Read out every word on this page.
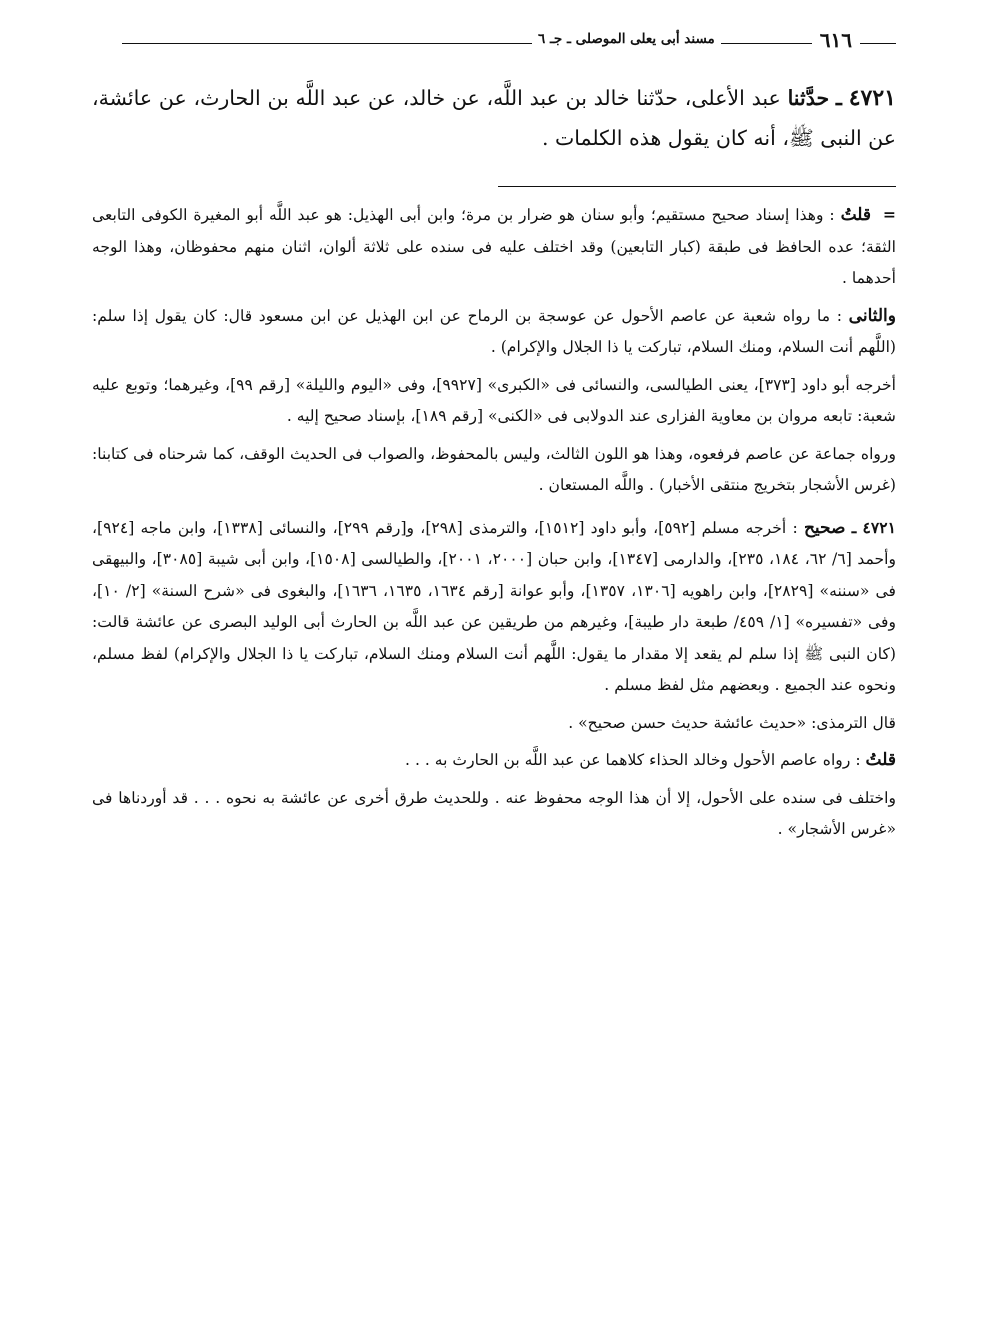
٦١٦
مسند أبى يعلى الموصلى ـ جـ ٦
٤٧٢١ ـ حدَّثنا عبد الأعلى، حدّثنا خالد بن عبد اللَّه، عن خالد، عن عبد اللَّه بن الحارث، عن عائشة، عن النبى ﷺ، أنه كان يقول هذه الكلمات .

= قلتُ : وهذا إسناد صحيح مستقيم؛ وأبو سنان هو ضرار بن مرة؛ وابن أبى الهذيل: هو عبد اللَّه أبو المغيرة الكوفى التابعى الثقة؛ عده الحافظ فى طبقة (كبار التابعين) وقد اختلف عليه فى سنده على ثلاثة ألوان، اثنان منهم محفوظان، وهذا الوجه أحدهما .

والثانى : ما رواه شعبة عن عاصم الأحول عن عوسجة بن الرماح عن ابن الهذيل عن ابن مسعود قال: كان يقول إذا سلم: (اللَّهم أنت السلام، ومنك السلام، تباركت يا ذا الجلال والإكرام) .

أخرجه أبو داود [٣٧٣]، يعنى الطيالسى، والنسائى فى «الكبرى» [٩٩٢٧]، وفى «اليوم والليلة» [رقم ٩٩]، وغيرهما؛ وتوبع عليه شعبة: تابعه مروان بن معاوية الفزارى عند الدولابى فى «الكنى» [رقم ١٨٩]، بإسناد صحيح إليه .

ورواه جماعة عن عاصم فرفعوه، وهذا هو اللون الثالث، وليس بالمحفوظ، والصواب فى الحديث الوقف، كما شرحناه فى كتابنا: (غرس الأشجار بتخريج منتقى الأخبار) . واللَّه المستعان .

٤٧٢١ ـ صحيح : أخرجه مسلم [٥٩٢]، وأبو داود [١٥١٢]، والترمذى [٢٩٨]، و[رقم ٢٩٩]، والنسائى [١٣٣٨]، وابن ماجه [٩٢٤]، وأحمد [٦/ ٦٢، ١٨٤، ٢٣٥]، والدارمى [١٣٤٧]، وابن حبان [٢٠٠٠، ٢٠٠١]، والطيالسى [١٥٠٨]، وابن أبى شيبة [٣٠٨٥]، والبيهقى فى «سننه» [٢٨٢٩]، وابن راهويه [١٣٠٦، ١٣٥٧]، وأبو عوانة [رقم ١٦٣٤، ١٦٣٥، ١٦٣٦]، والبغوى فى «شرح السنة» [٢/ ١٠]، وفى «تفسيره» [١/ ٤٥٩/ طبعة دار طيبة]، وغيرهم من طريقين عن عبد اللَّه بن الحارث أبى الوليد البصرى عن عائشة قالت: (كان النبى ﷺ إذا سلم لم يقعد إلا مقدار ما يقول: اللَّهم أنت السلام ومنك السلام، تباركت يا ذا الجلال والإكرام) لفظ مسلم، ونحوه عند الجميع . وبعضهم مثل لفظ مسلم .

قال الترمذى: «حديث عائشة حديث حسن صحيح» .

قلتُ : رواه عاصم الأحول وخالد الحذاء كلاهما عن عبد اللَّه بن الحارث به . . .

واختلف فى سنده على الأحول، إلا أن هذا الوجه محفوظ عنه . وللحديث طرق أخرى عن عائشة به نحوه . . . قد أوردناها فى «غرس الأشجار» .
